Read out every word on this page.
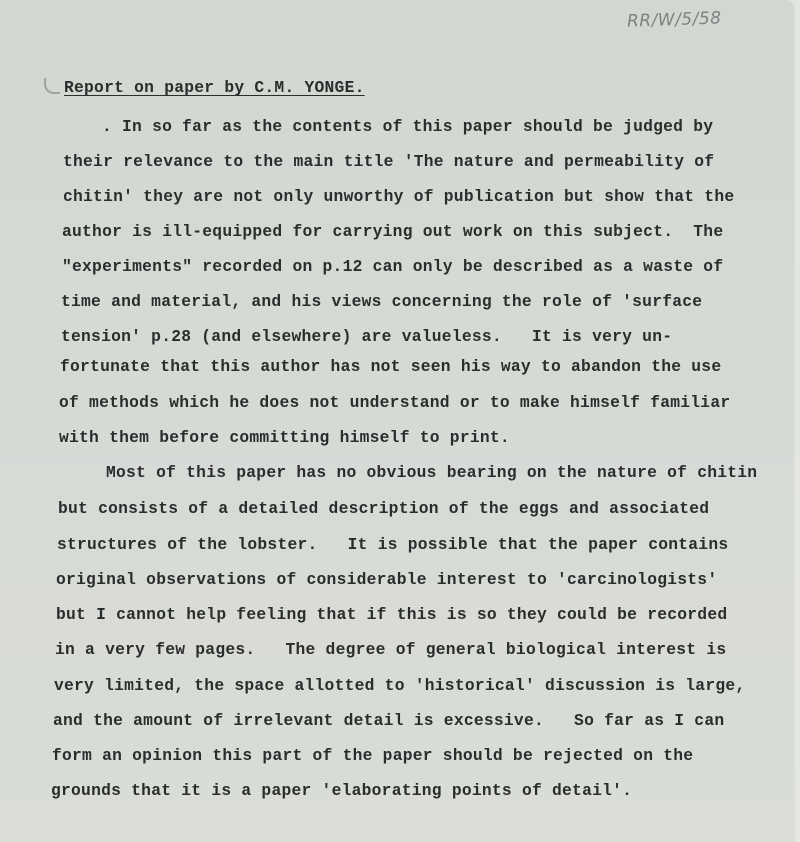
RR/W/5/58
Report on paper by C.M. YONGE.
. In so far as the contents of this paper should be judged by
their relevance to the main title 'The nature and permeability of
chitin' they are not only unworthy of publication but show that the
author is ill-equipped for carrying out work on this subject.  The
"experiments" recorded on p.12 can only be described as a waste of
time and material, and his views concerning the role of 'surface
tension' p.28 (and elsewhere) are valueless.   It is very un-
fortunate that this author has not seen his way to abandon the use
of methods which he does not understand or to make himself familiar
with them before committing himself to print.
Most of this paper has no obvious bearing on the nature of chitin
but consists of a detailed description of the eggs and associated
structures of the lobster.   It is possible that the paper contains
original observations of considerable interest to 'carcinologists'
but I cannot help feeling that if this is so they could be recorded
in a very few pages.   The degree of general biological interest is
very limited, the space allotted to 'historical' discussion is large,
and the amount of irrelevant detail is excessive.   So far as I can
form an opinion this part of the paper should be rejected on the
grounds that it is a paper 'elaborating points of detail'.
